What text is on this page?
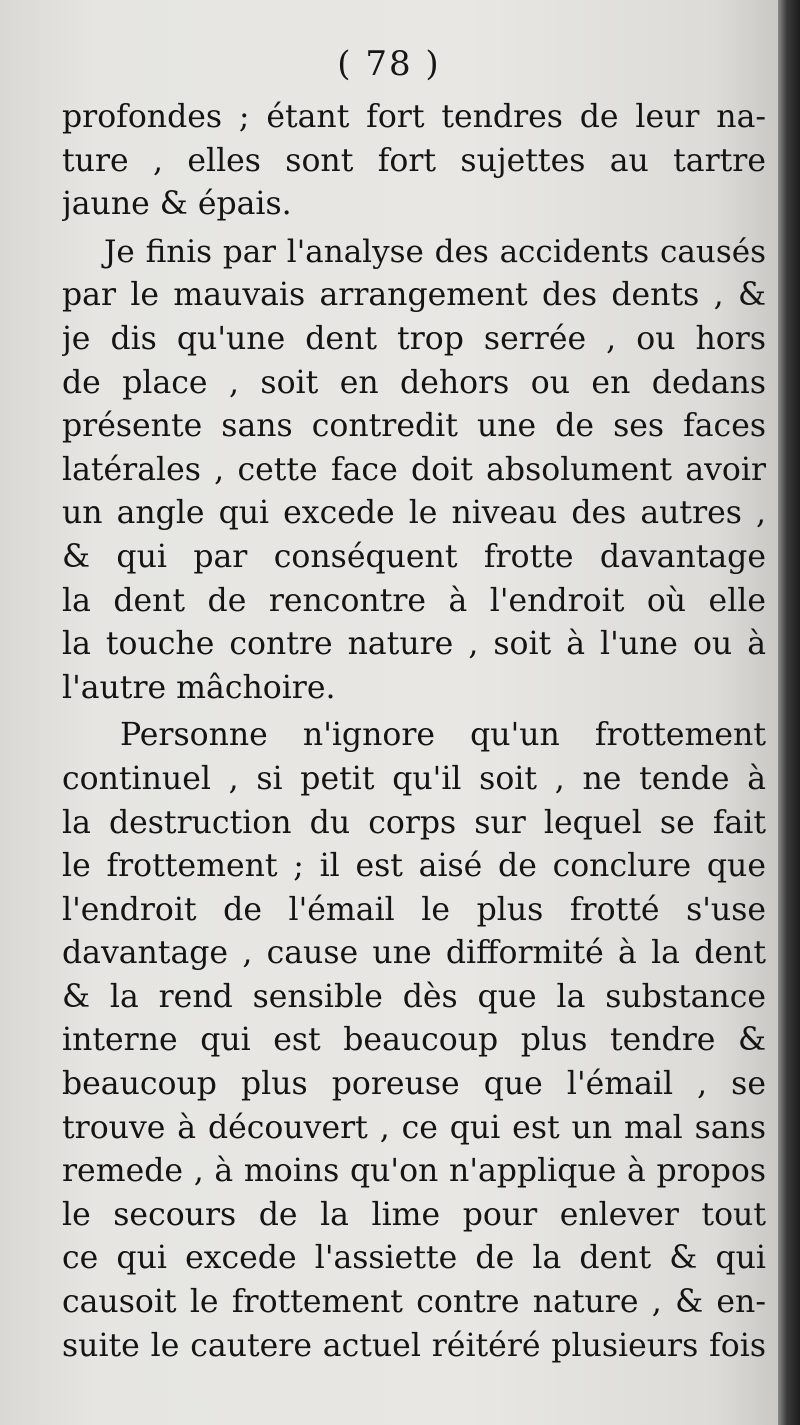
( 78 )
profondes ; étant fort tendres de leur na-
ture , elles sont fort sujettes au tartre
jaune & épais.
Je finis par l'analyse des accidents causés
par le mauvais arrangement des dents , &
je dis qu'une dent trop serrée , ou hors
de place , soit en dehors ou en dedans
présente sans contredit une de ses faces
latérales , cette face doit absolument avoir
un angle qui excede le niveau des autres ,
& qui par conséquent frotte davantage
la dent de rencontre à l'endroit où elle
la touche contre nature , soit à l'une ou à
l'autre mâchoire.
Personne n'ignore qu'un frottement
continuel , si petit qu'il soit , ne tende à
la destruction du corps sur lequel se fait
le frottement ; il est aisé de conclure que
l'endroit de l'émail le plus frotté s'use
davantage , cause une difformité à la dent
& la rend sensible dès que la substance
interne qui est beaucoup plus tendre &
beaucoup plus poreuse que l'émail , se
trouve à découvert , ce qui est un mal sans
remede , à moins qu'on n'applique à propos
le secours de la lime pour enlever tout
ce qui excede l'assiette de la dent & qui
causoit le frottement contre nature , & en-
suite le cautere actuel réitéré plusieurs fois
